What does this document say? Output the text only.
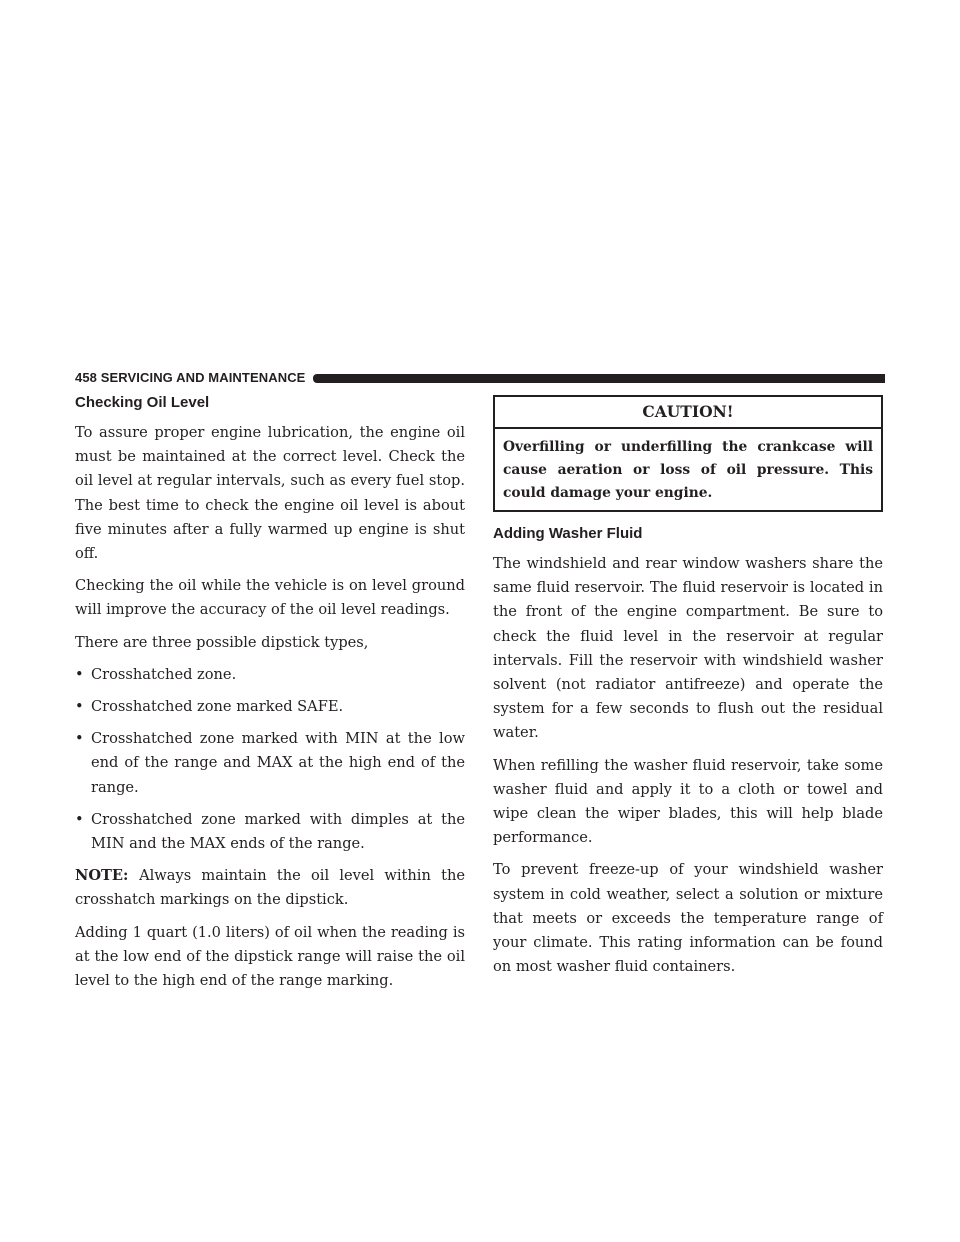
458 SERVICING AND MAINTENANCE
Checking Oil Level

To assure proper engine lubrication, the engine oil must be maintained at the correct level. Check the oil level at regular intervals, such as every fuel stop. The best time to check the engine oil level is about five minutes after a fully warmed up engine is shut off.

Checking the oil while the vehicle is on level ground will improve the accuracy of the oil level readings.

There are three possible dipstick types,

• Crosshatched zone.
• Crosshatched zone marked SAFE.
• Crosshatched zone marked with MIN at the low end of the range and MAX at the high end of the range.
• Crosshatched zone marked with dimples at the MIN and the MAX ends of the range.

NOTE: Always maintain the oil level within the crosshatch markings on the dipstick.

Adding 1 quart (1.0 liters) of oil when the reading is at the low end of the dipstick range will raise the oil level to the high end of the range marking.

CAUTION!
Overfilling or underfilling the crankcase will cause aeration or loss of oil pressure. This could damage your engine.
Adding Washer Fluid

The windshield and rear window washers share the same fluid reservoir. The fluid reservoir is located in the front of the engine compartment. Be sure to check the fluid level in the reservoir at regular intervals. Fill the reservoir with windshield washer solvent (not radiator antifreeze) and operate the system for a few seconds to flush out the residual water.

When refilling the washer fluid reservoir, take some washer fluid and apply it to a cloth or towel and wipe clean the wiper blades, this will help blade performance.

To prevent freeze-up of your windshield washer system in cold weather, select a solution or mixture that meets or exceeds the temperature range of your climate. This rating information can be found on most washer fluid containers.
